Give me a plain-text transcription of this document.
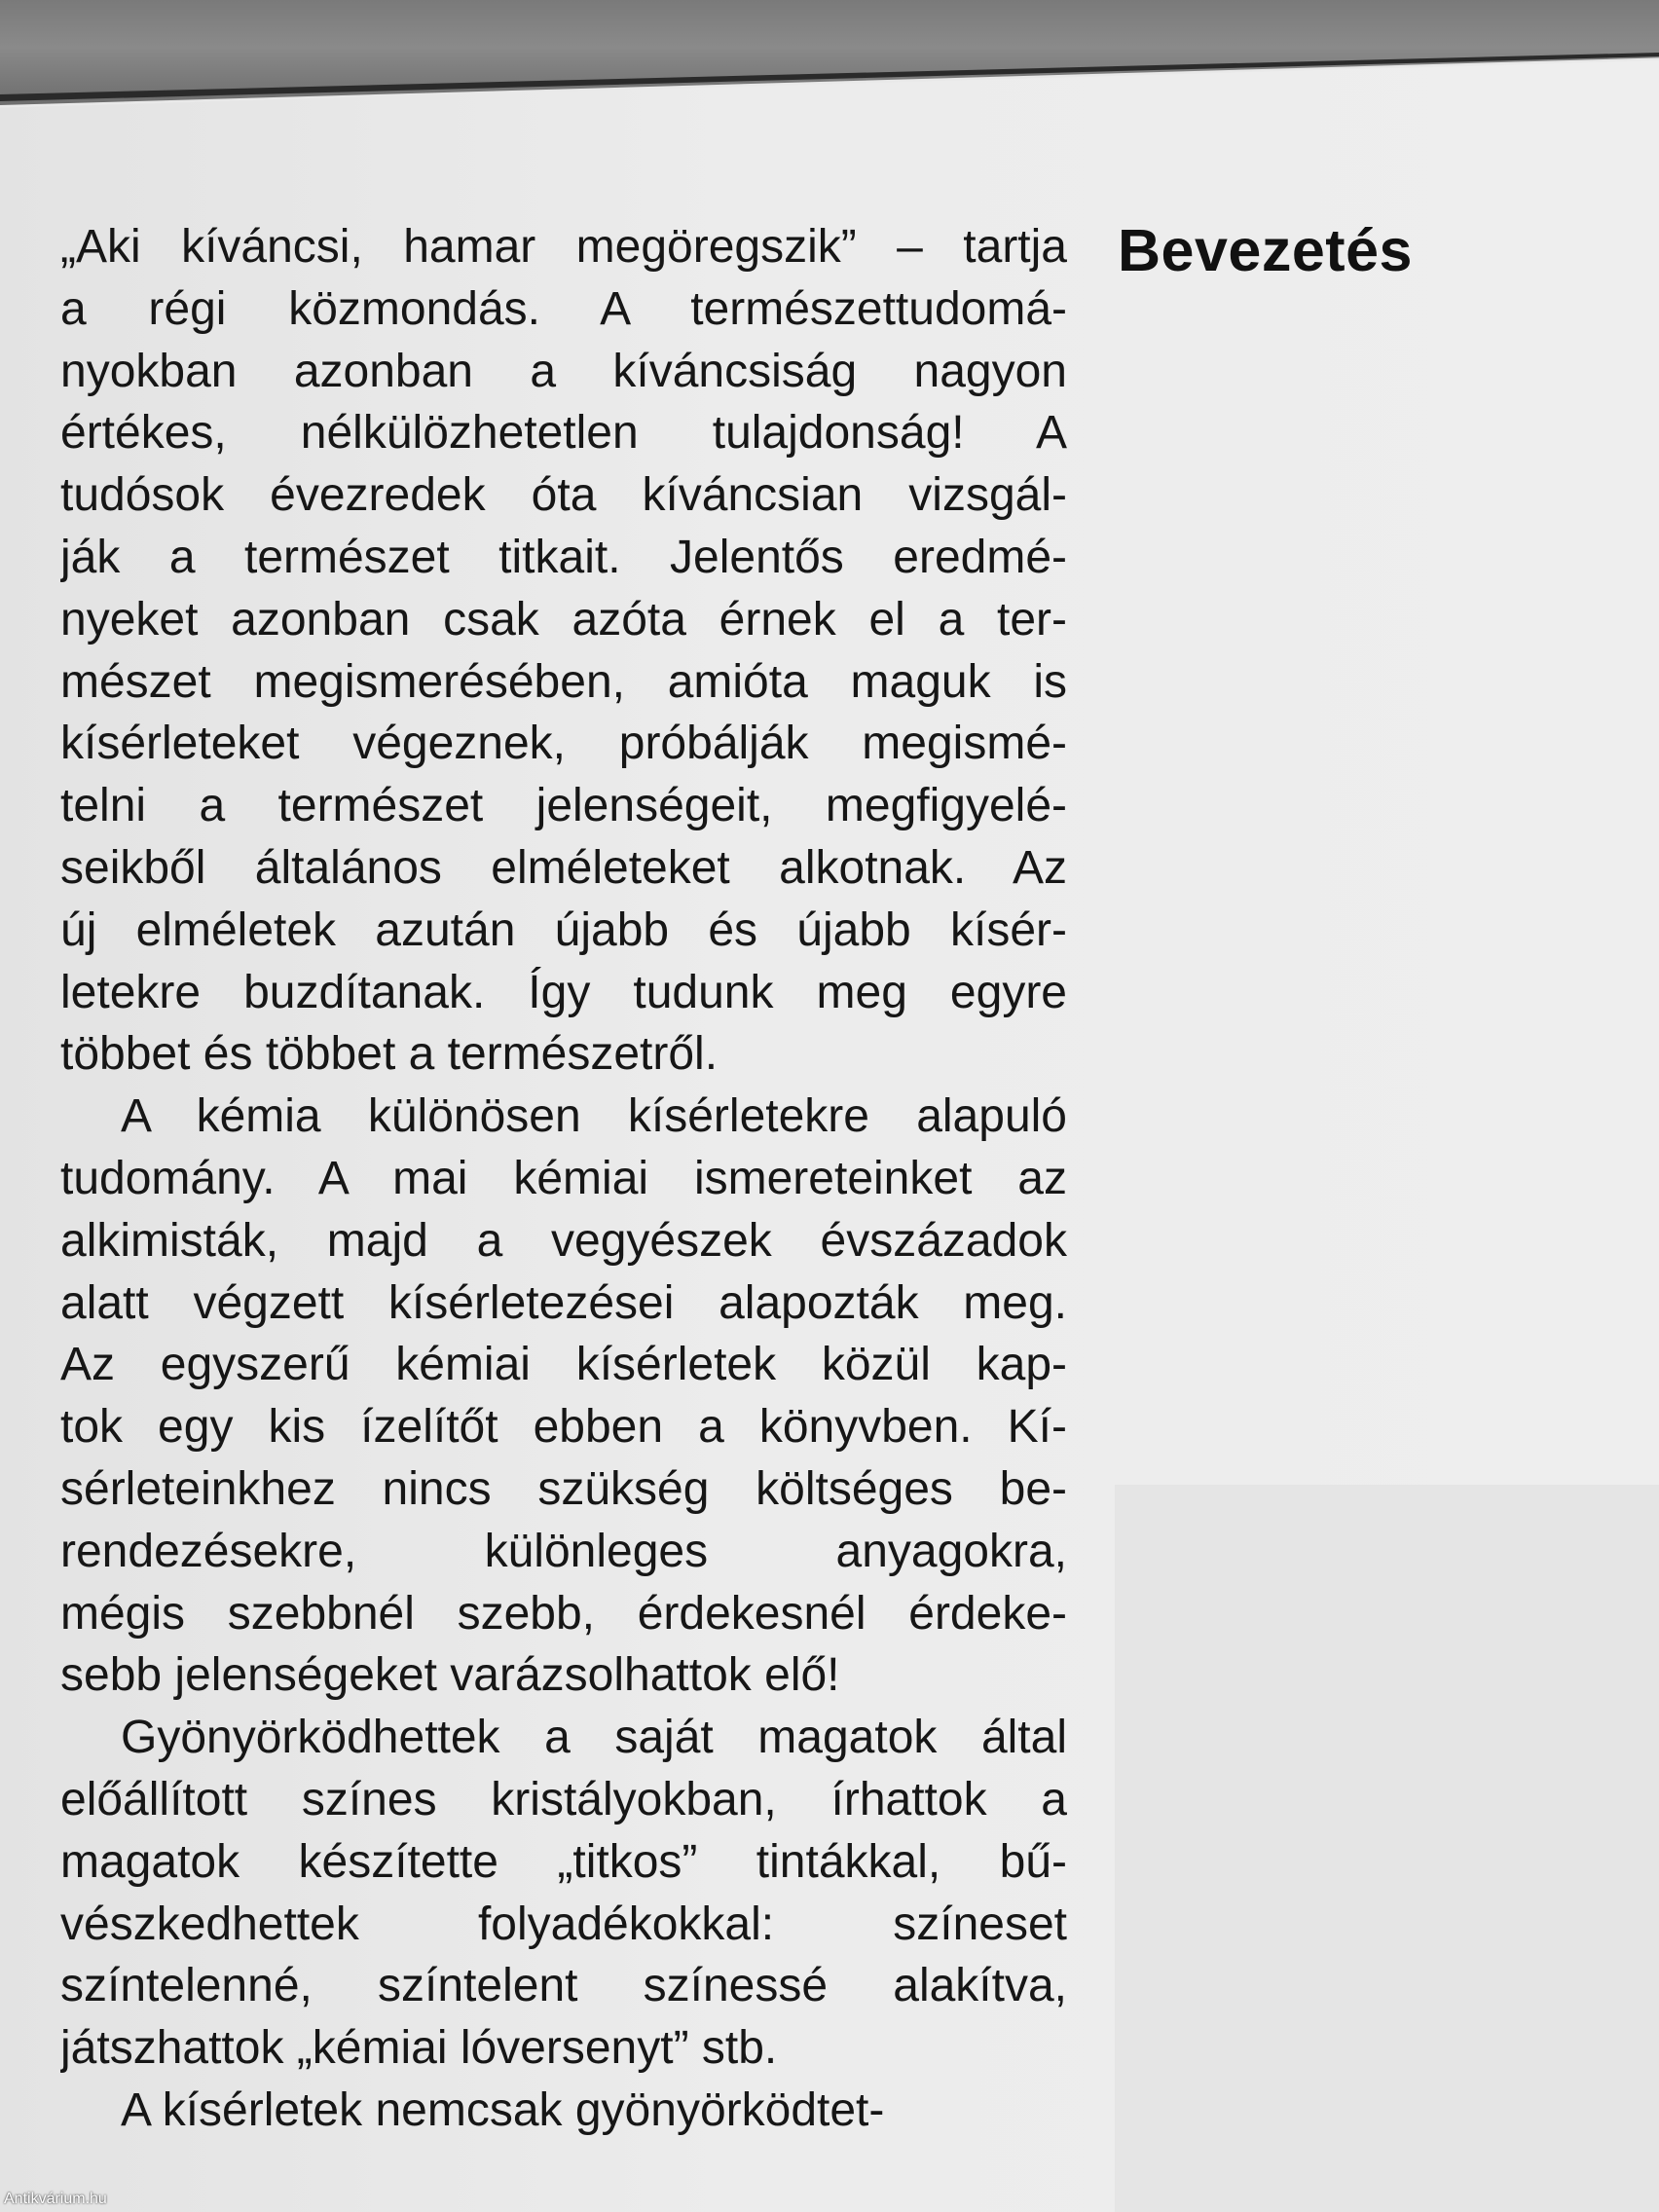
Bevezetés
„Aki kíváncsi, hamar megöregszik” – tartja
a régi közmondás. A természettudomá-
nyokban azonban a kíváncsiság nagyon
értékes, nélkülözhetetlen tulajdonság! A
tudósok évezredek óta kíváncsian vizsgál-
ják a természet titkait. Jelentős eredmé-
nyeket azonban csak azóta érnek el a ter-
mészet megismerésében, amióta maguk is
kísérleteket végeznek, próbálják megismé-
telni a természet jelenségeit, megfigyelé-
seikből általános elméleteket alkotnak. Az
új elméletek azután újabb és újabb kísér-
letekre buzdítanak. Így tudunk meg egyre
többet és többet a természetről.
A kémia különösen kísérletekre alapuló
tudomány. A mai kémiai ismereteinket az
alkimisták, majd a vegyészek évszázadok
alatt végzett kísérletezései alapozták meg.
Az egyszerű kémiai kísérletek közül kap-
tok egy kis ízelítőt ebben a könyvben. Kí-
sérleteinkhez nincs szükség költséges be-
rendezésekre, különleges anyagokra,
mégis szebbnél szebb, érdekesnél érdeke-
sebb jelenségeket varázsolhattok elő!
Gyönyörködhettek a saját magatok által
előállított színes kristályokban, írhattok a
magatok készítette „titkos” tintákkal, bű-
vészkedhettek folyadékokkal: színeset
színtelenné, színtelent színessé alakítva,
játszhattok „kémiai lóversenyt” stb.
A kísérletek nemcsak gyönyörködtet-
Antikvárium.hu
